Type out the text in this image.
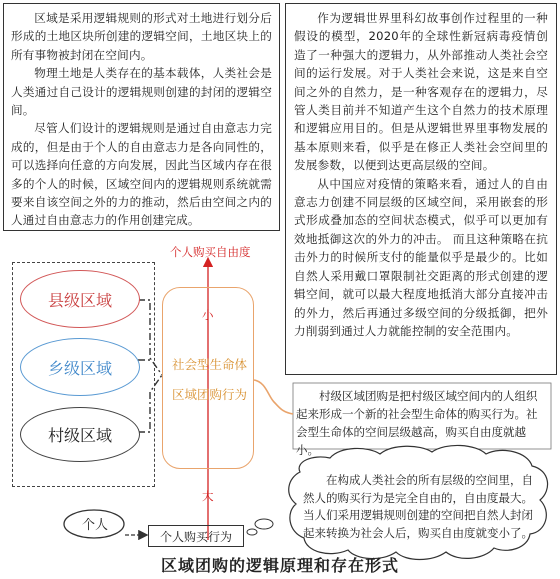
区域是采用逻辑规则的形式对土地进行划分后形成的土地区块所创建的逻辑空间，土地区块上的所有事物被封闭在空间内。

物理土地是人类存在的基本载体，人类社会是人类通过自己设计的逻辑规则创建的封闭的逻辑空间。

尽管人们设计的逻辑规则是通过自由意志力完成的，但是由于个人的自由意志力是各向同性的，可以选择向任意的方向发展，因此当区域内存在很多的个人的时候，区域空间内的逻辑规则系统就需要来自该空间之外的力的推动，然后由空间之内的人通过自由意志力的作用创建完成。

作为逻辑世界里科幻故事创作过程里的一种假设的模型，2020年的全球性新冠病毒疫情创造了一种强大的逻辑力，从外部推动人类社会空间的运行发展。对于人类社会来说，这是来自空间之外的自然力，是一种客观存在的逻辑力，尽管人类目前并不知道产生这个自然力的技术原理和逻辑应用目的。但是从逻辑世界里事物发展的基本原则来看，似乎是在修正人类社会空间里的发展参数，以便到达更高层级的空间。

从中国应对疫情的策略来看，通过人的自由意志力创建不同层级的区域空间，采用嵌套的形式形成叠加态的空间状态模式，似乎可以更加有效地抵御这次的外力的冲击。 而且这种策略在抗击外力的时候所支付的能量似乎是最少的。比如自然人采用戴口罩限制社交距离的形式创建的逻辑空间，就可以最大程度地抵消大部分直接冲击的外力，然后再通过多级空间的分级抵御，把外力削弱到通过人力就能控制的安全范围内。

县级区域
乡级区域
村级区域
社会型生命体
区域团购行为
个人购买自由度
小
大

村级区域团购是把村级区域空间内的人组织起来形成一个新的社会型生命体的购买行为。社会型生命体的空间层级越高，购买自由度就越小。

在构成人类社会的所有层级的空间里，自然人的购买行为是完全自由的，自由度最大。当人们采用逻辑规则创建的空间把自然人封闭起来转换为社会人后，购买自由度就变小了。

个人
个人购买行为
区域团购的逻辑原理和存在形式
